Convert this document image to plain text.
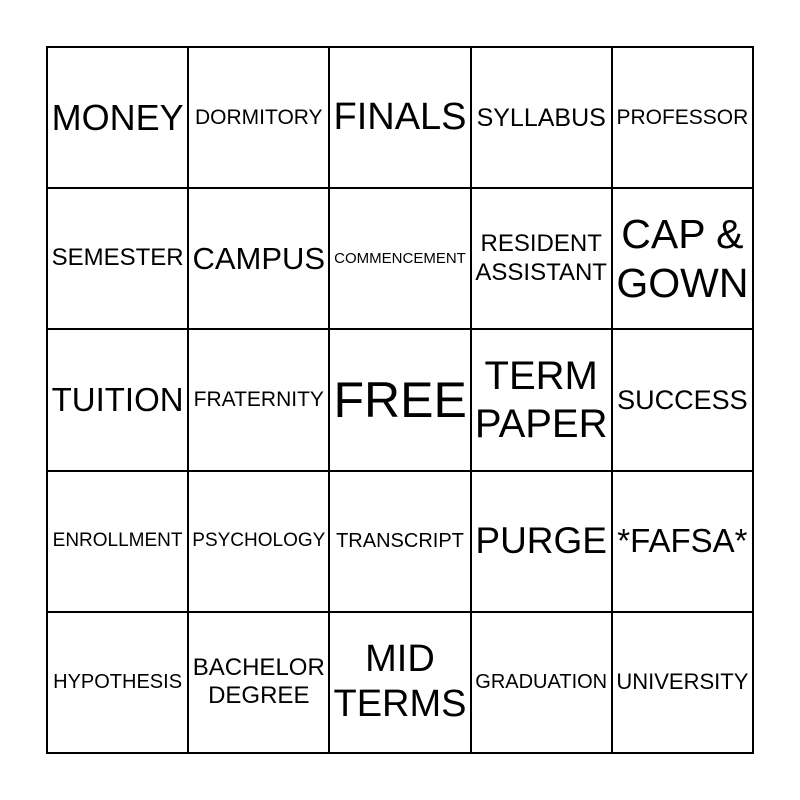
MONEY DORMITORY FINALS SYLLABUS PROFESSOR
SEMESTER CAMPUS COMMENCEMENT
RESIDENT ASSISTANT
CAP & GOWN
TUITION FRATERNITY FREE TERM PAPER
SUCCESS
ENROLLMENT PSYCHOLOGY TRANSCRIPT PURGE *FAFSA*
HYPOTHESIS
BACHELOR DEGREE
MID TERMS
GRADUATION UNIVERSITY
